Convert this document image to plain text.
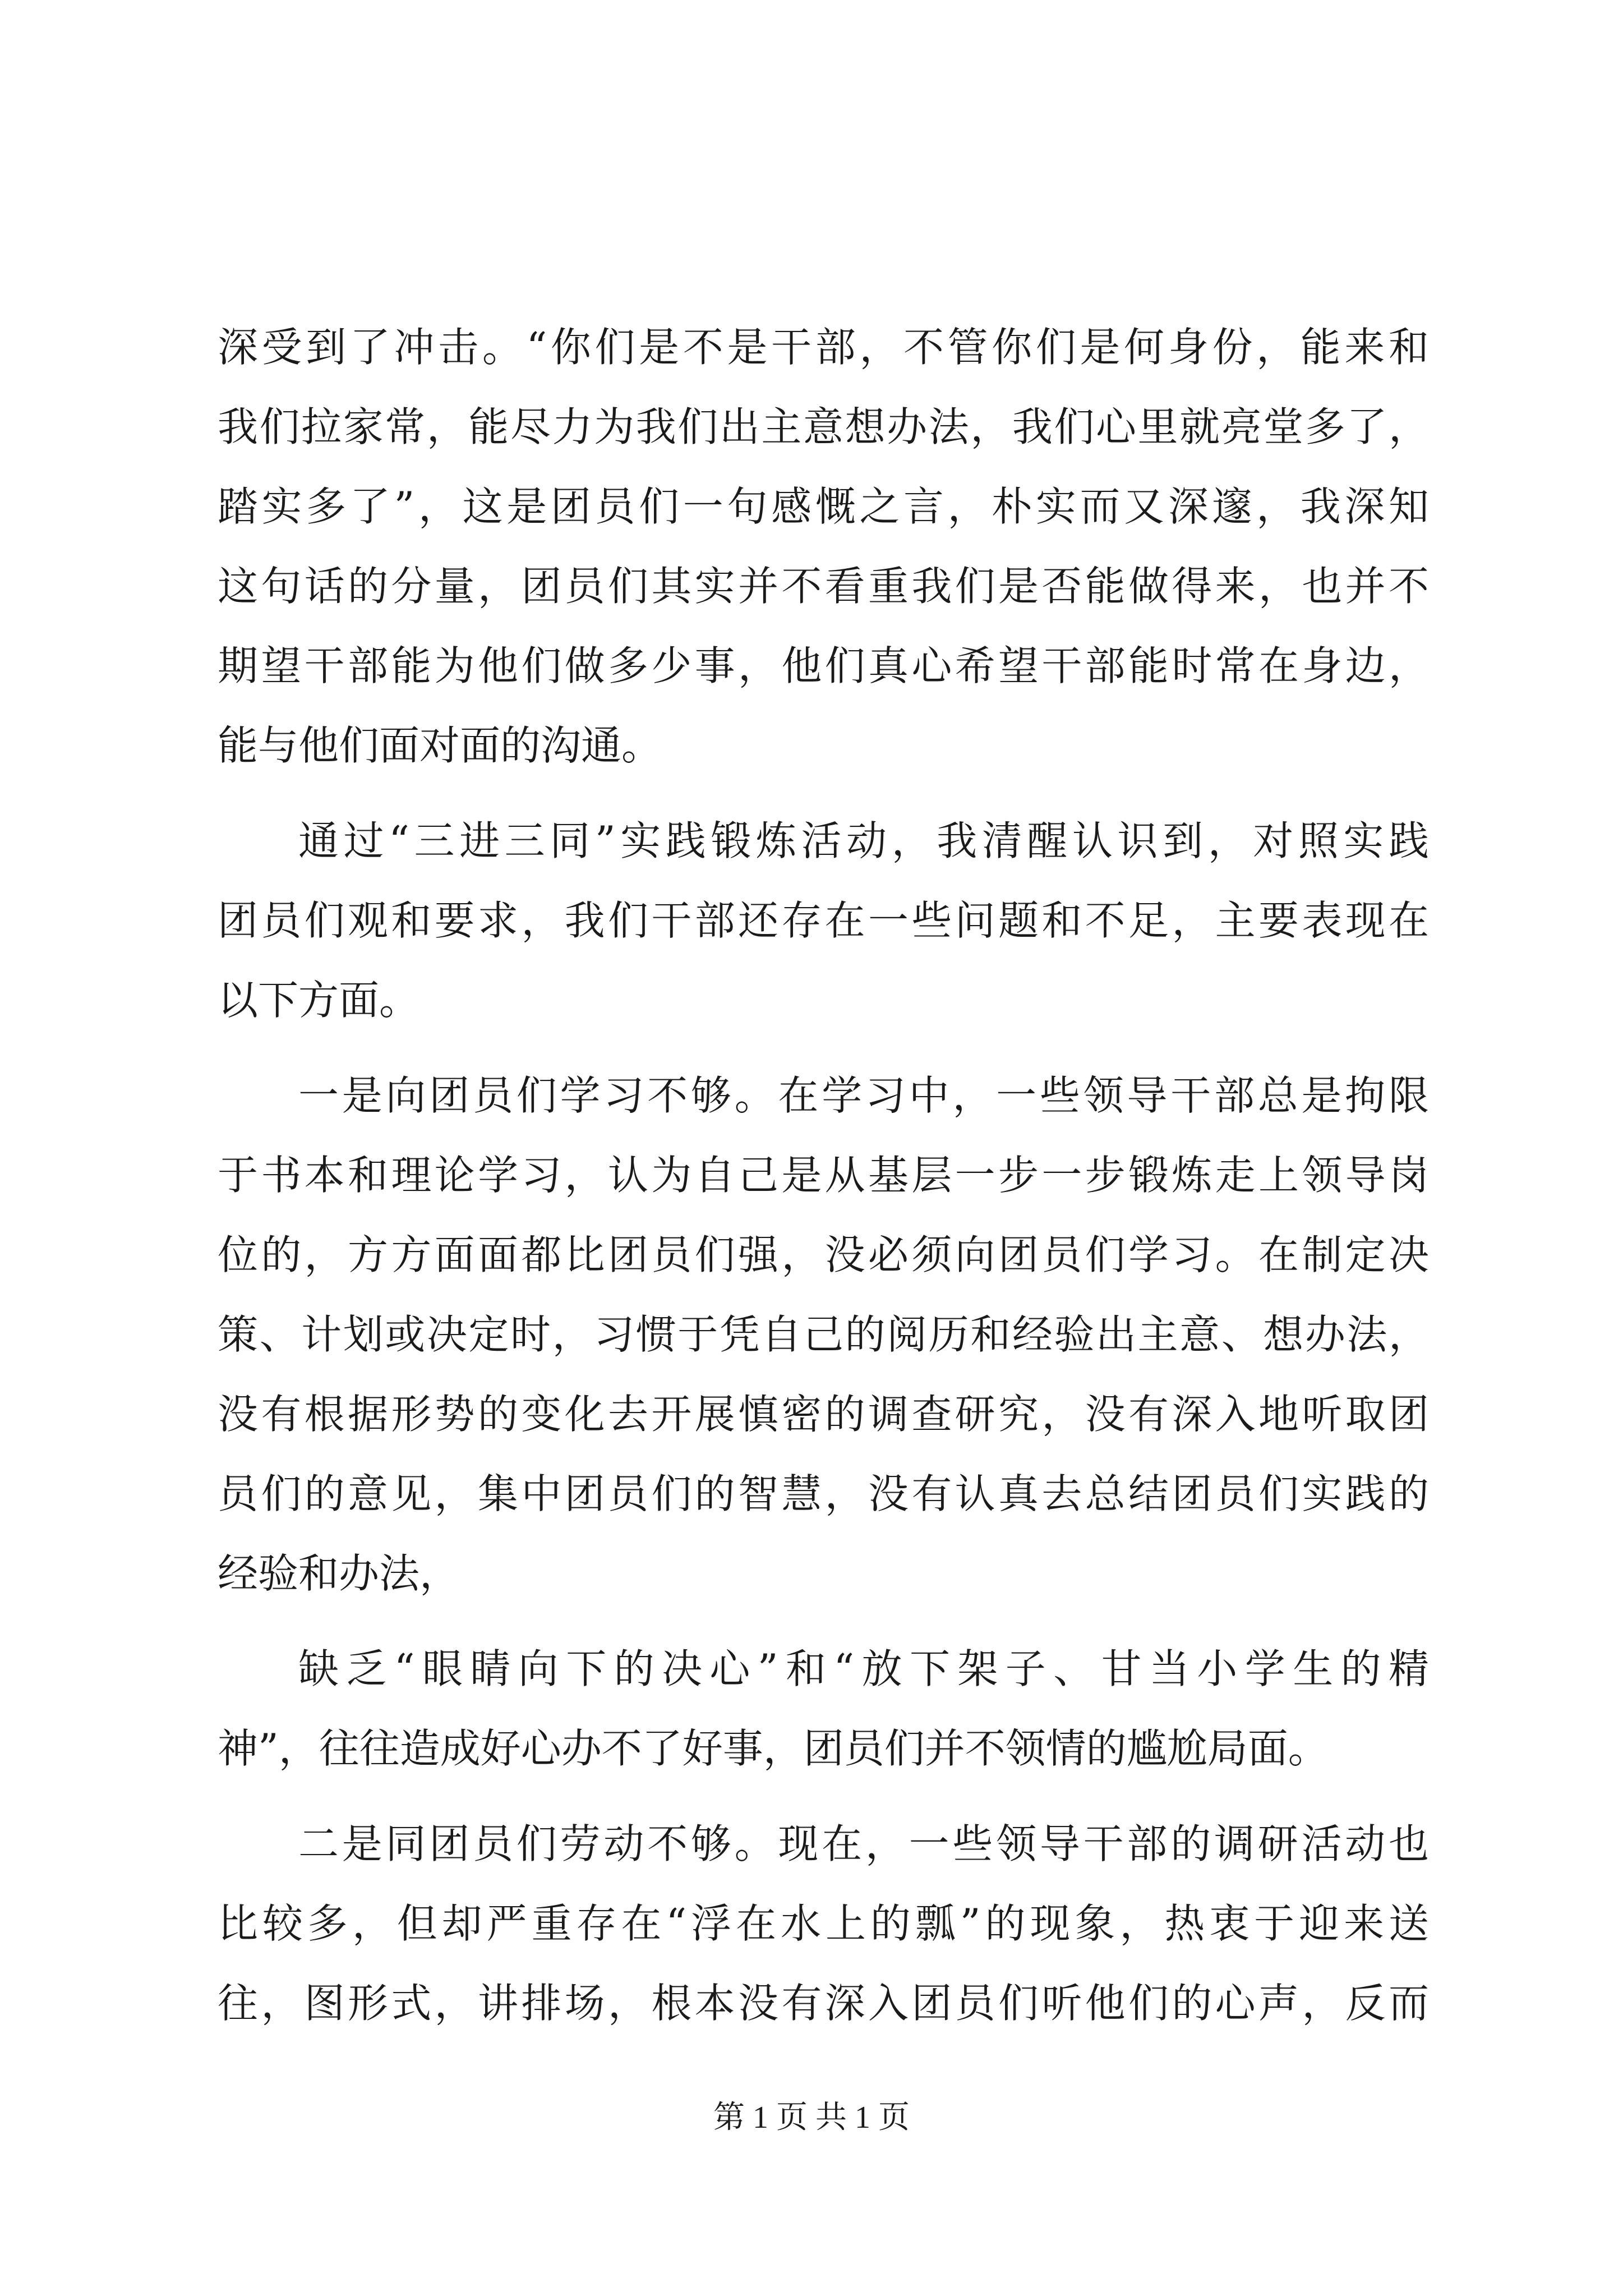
深受到了冲击。“你们是不是干部，不管你们是何身份，能来和
我们拉家常，能尽力为我们出主意想办法，我们心里就亮堂多了，
踏实多了”，这是团员们一句感慨之言，朴实而又深邃，我深知
这句话的分量，团员们其实并不看重我们是否能做得来，也并不
期望干部能为他们做多少事，他们真心希望干部能时常在身边，
能与他们面对面的沟通。
通过“三进三同”实践锻炼活动，我清醒认识到，对照实践
团员们观和要求，我们干部还存在一些问题和不足，主要表现在
以下方面。
一是向团员们学习不够。在学习中，一些领导干部总是拘限
于书本和理论学习，认为自己是从基层一步一步锻炼走上领导岗
位的，方方面面都比团员们强，没必须向团员们学习。在制定决
策、计划或决定时，习惯于凭自己的阅历和经验出主意、想办法，
没有根据形势的变化去开展慎密的调查研究，没有深入地听取团
员们的意见，集中团员们的智慧，没有认真去总结团员们实践的
经验和办法，
缺乏“眼睛向下的决心”和“放下架子、甘当小学生的精
神”，往往造成好心办不了好事，团员们并不领情的尴尬局面。
二是同团员们劳动不够。现在，一些领导干部的调研活动也
比较多，但却严重存在“浮在水上的瓢”的现象，热衷于迎来送
往，图形式，讲排场，根本没有深入团员们听他们的心声，反而
第 1 页 共 1 页
